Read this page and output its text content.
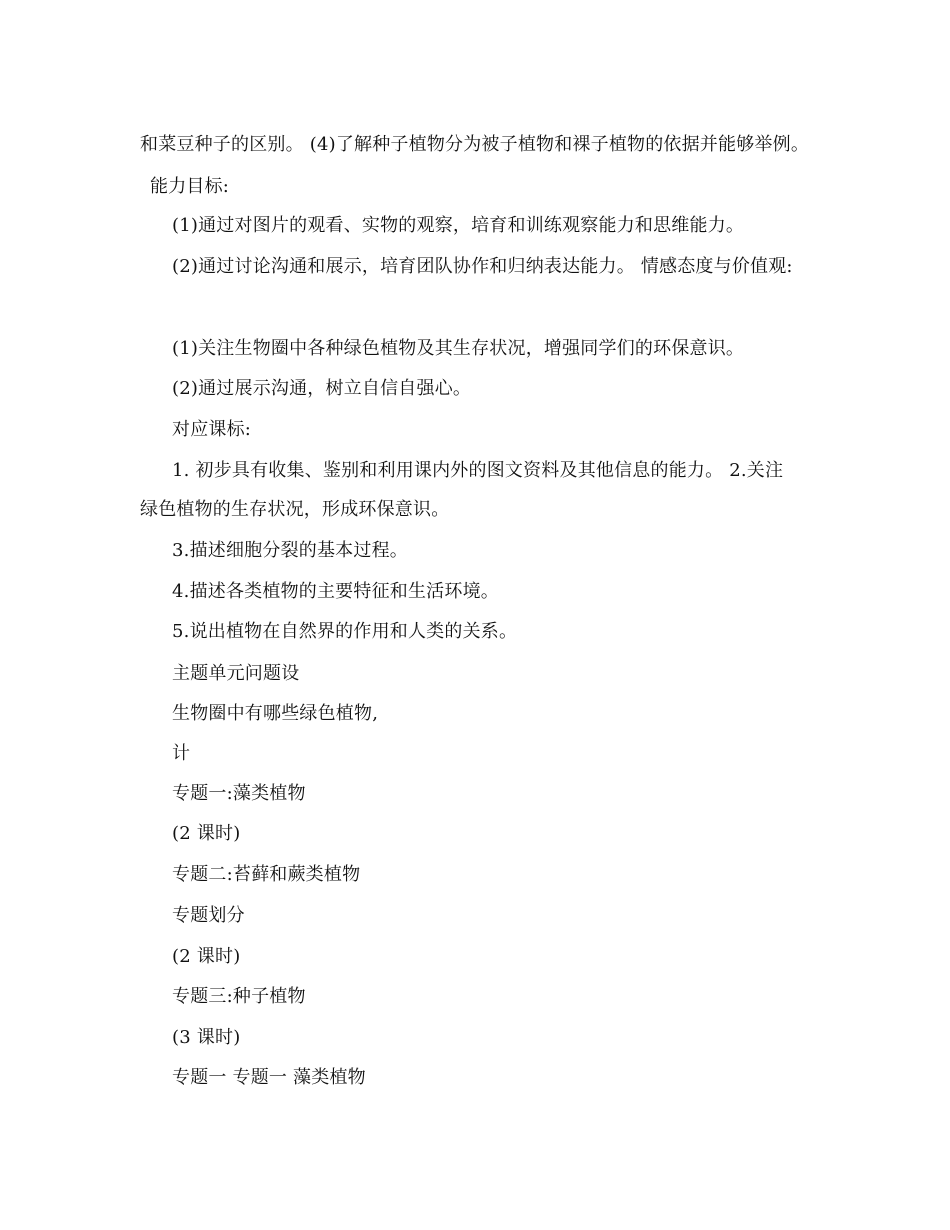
和菜豆种子的区别。 (4)了解种子植物分为被子植物和裸子植物的依据并能够举例。
能力目标:
(1)通过对图片的观看、实物的观察，培育和训练观察能力和思维能力。
(2)通过讨论沟通和展示，培育团队协作和归纳表达能力。 情感态度与价值观:
(1)关注生物圈中各种绿色植物及其生存状况，增强同学们的环保意识。
(2)通过展示沟通，树立自信自强心。
对应课标:
1. 初步具有收集、鉴别和利用课内外的图文资料及其他信息的能力。 2.关注
绿色植物的生存状况，形成环保意识。
3.描述细胞分裂的基本过程。
4.描述各类植物的主要特征和生活环境。
5.说出植物在自然界的作用和人类的关系。
主题单元问题设
生物圈中有哪些绿色植物,
计
专题一:藻类植物
(2 课时)
专题二:苔藓和蕨类植物
专题划分
(2 课时)
专题三:种子植物
(3 课时)
专题一 专题一 藻类植物
